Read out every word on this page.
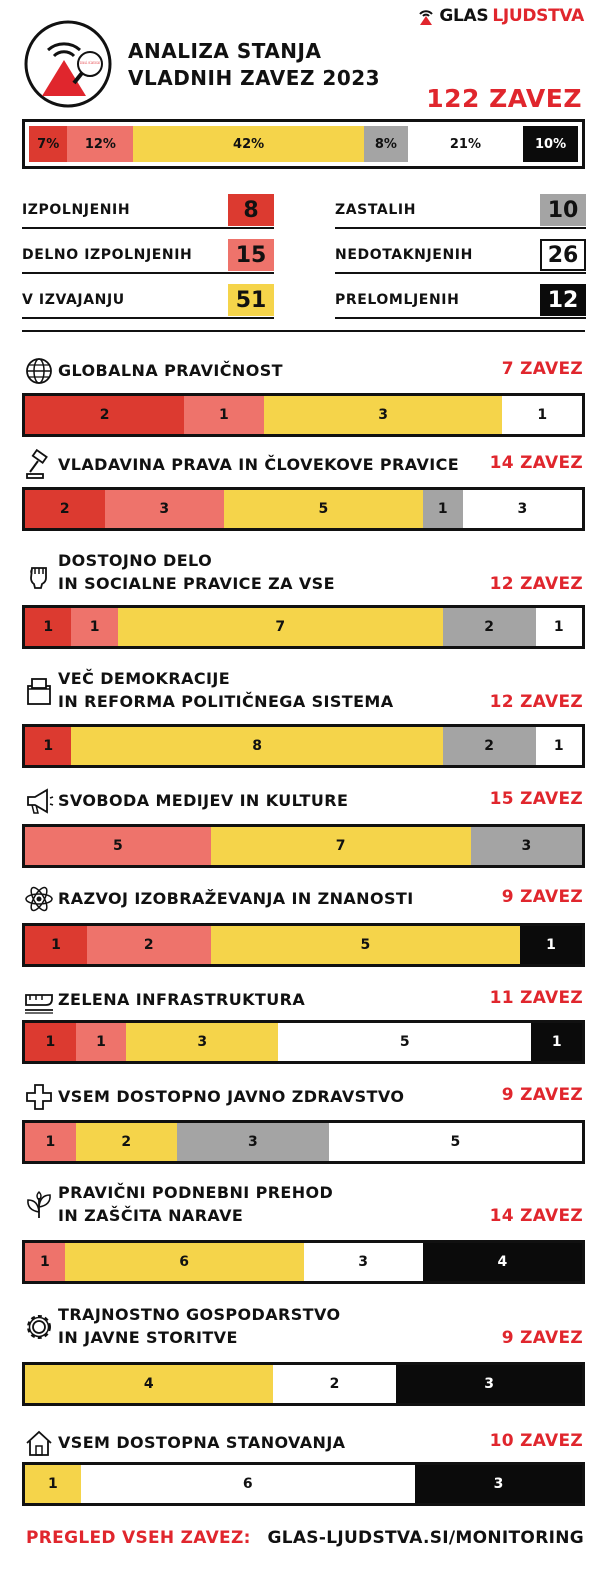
GLAS LJUDSTVA
ANALIZA STANJA
VLADNIH ZAVEZ 2023
122 ZAVEZ
7%	12%	42%	8%	21%	10%
IZPOLNJENIH	8
DELNO IZPOLNJENIH	15
V IZVAJANJU	51
ZASTALIH	10
NEDOTAKNJENIH	26
PRELOMLJENIH	12
GLOBALNA PRAVIČNOST	7 ZAVEZ
2	1	3	1
VLADAVINA PRAVA IN ČLOVEKOVE PRAVICE 14 ZAVEZ
2	3	5	1	3
DOSTOJNO DELO
IN SOCIALNE PRAVICE ZA VSE	12 ZAVEZ
1	1	7	2	1
VEČ DEMOKRACIJE
IN REFORMA POLITIČNEGA SISTEMA	12 ZAVEZ
1	8	2	1
SVOBODA MEDIJEV IN KULTURE	15 ZAVEZ
5	7	3
RAZVOJ IZOBRAŽEVANJA IN ZNANOSTI	9 ZAVEZ
1	2	5	1
ZELENA INFRASTRUKTURA	11 ZAVEZ
1	1	3	5	1
VSEM DOSTOPNO JAVNO ZDRAVSTVO	9 ZAVEZ
1	2	3	5
PRAVIČNI PODNEBNI PREHOD
IN ZAŠČITA NARAVE	14 ZAVEZ
1	6	3	4
TRAJNOSTNO GOSPODARSTVO
IN JAVNE STORITVE	9 ZAVEZ
4	2	3
VSEM DOSTOPNA STANOVANJA	10 ZAVEZ
1	6	3
PREGLED VSEH ZAVEZ: GLAS-LJUDSTVA.SI/MONITORING
